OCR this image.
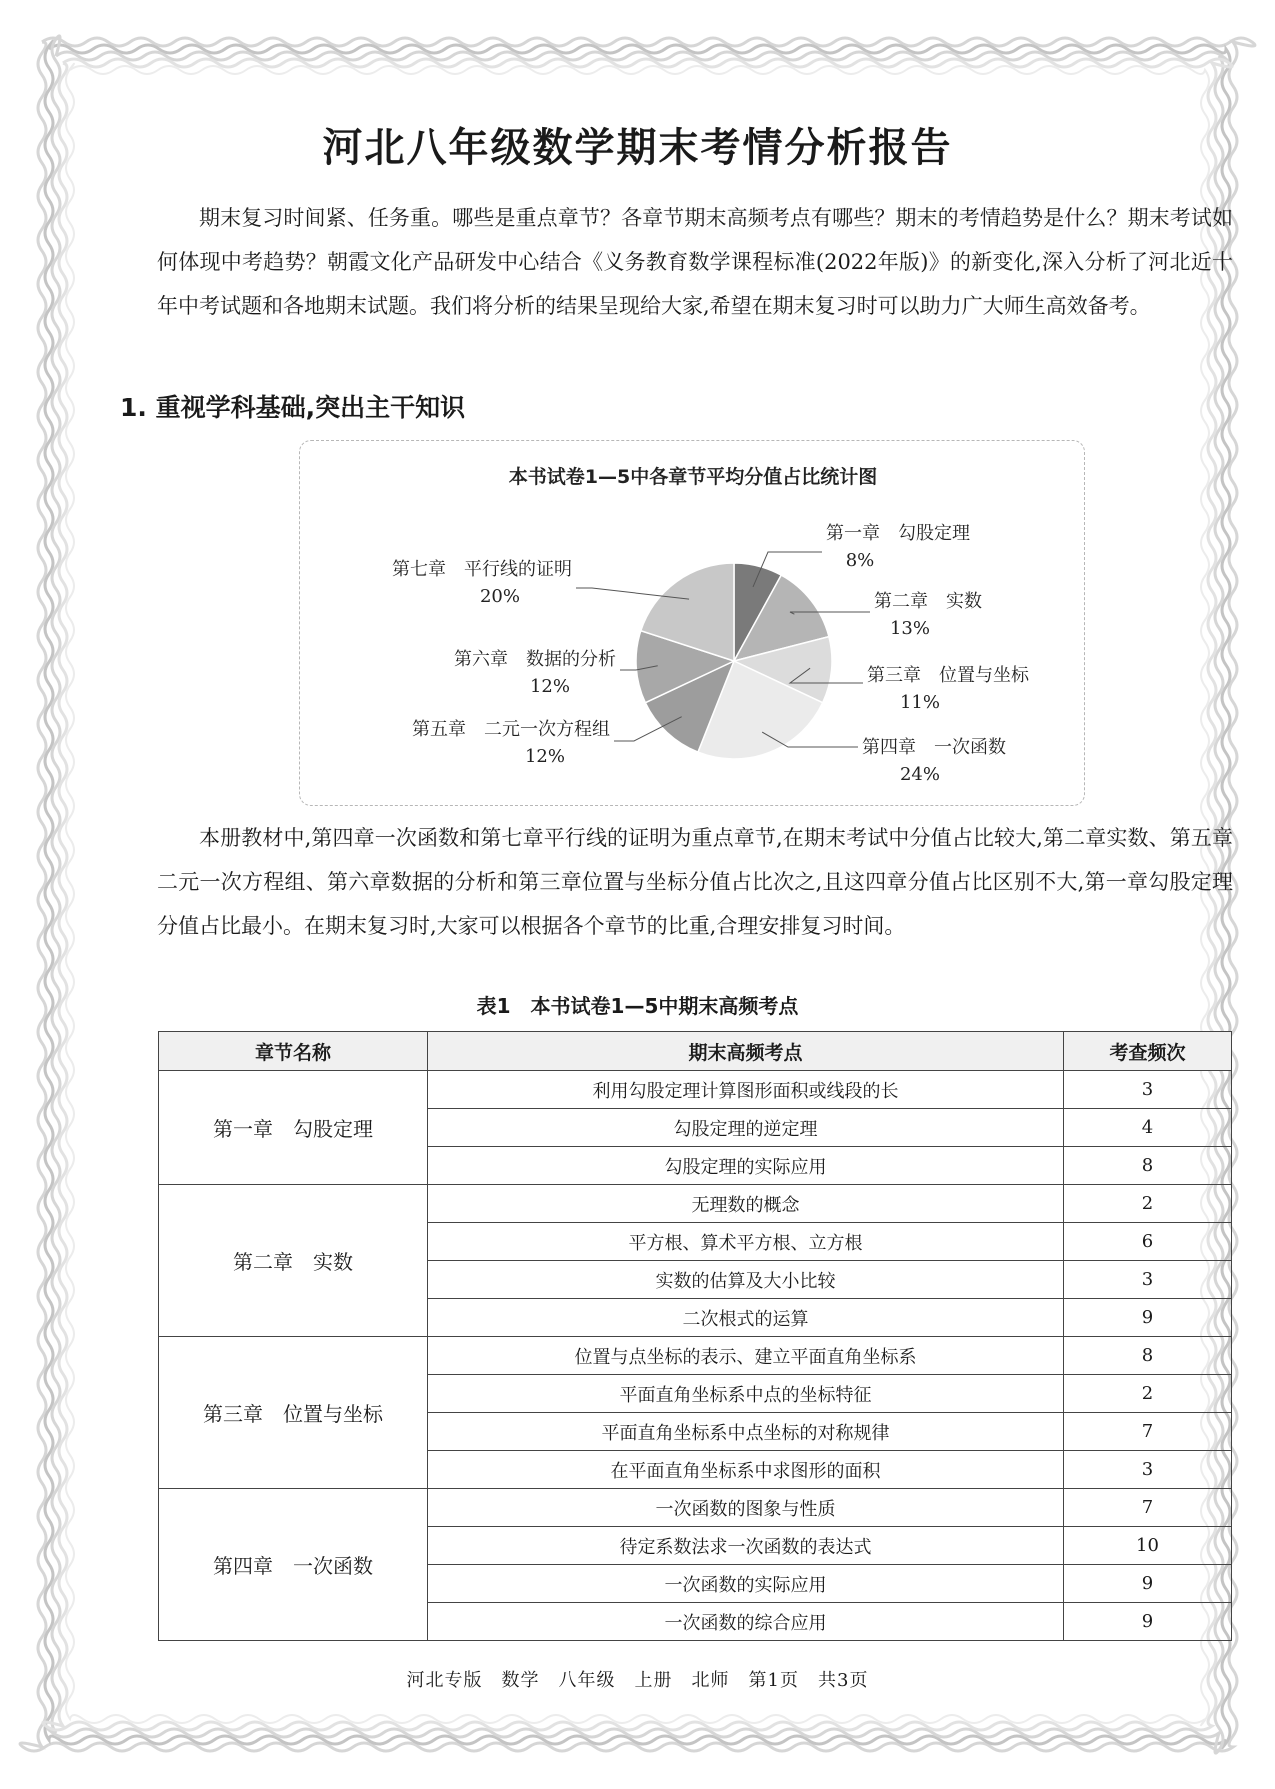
河北八年级数学期末考情分析报告

期末复习时间紧、任务重。哪些是重点章节？各章节期末高频考点有哪些？期末的考情趋势是什么？期末考试如何体现中考趋势？朝霞文化产品研发中心结合《义务教育数学课程标准(2022年版)》的新变化,深入分析了河北近十年中考试题和各地期末试题。我们将分析的结果呈现给大家,希望在期末复习时可以助力广大师生高效备考。

1. 重视学科基础,突出主干知识
本书试卷1—5中各章节平均分值占比统计图
第一章　勾股定理
8%
第二章　实数
13%
第三章　位置与坐标
11%
第四章　一次函数
24%
第五章　二元一次方程组
12%
第六章　数据的分析
12%
第七章　平行线的证明
20%

本册教材中,第四章一次函数和第七章平行线的证明为重点章节,在期末考试中分值占比较大,第二章实数、第五章二元一次方程组、第六章数据的分析和第三章位置与坐标分值占比次之,且这四章分值占比区别不大,第一章勾股定理分值占比最小。在期末复习时,大家可以根据各个章节的比重,合理安排复习时间。

表1　本书试卷1—5中期末高频考点
章节名称	期末高频考点	考查频次
第一章　勾股定理	利用勾股定理计算图形面积或线段的长	3
	勾股定理的逆定理	4
	勾股定理的实际应用	8
第二章　实数	无理数的概念	2
	平方根、算术平方根、立方根	6
	实数的估算及大小比较	3
	二次根式的运算	9
第三章　位置与坐标	位置与点坐标的表示、建立平面直角坐标系	8
	平面直角坐标系中点的坐标特征	2
	平面直角坐标系中点坐标的对称规律	7
	在平面直角坐标系中求图形的面积	3
第四章　一次函数	一次函数的图象与性质	7
	待定系数法求一次函数的表达式	10
	一次函数的实际应用	9
	一次函数的综合应用	9
河北专版　数学　八年级　上册　北师　第1页　共3页
